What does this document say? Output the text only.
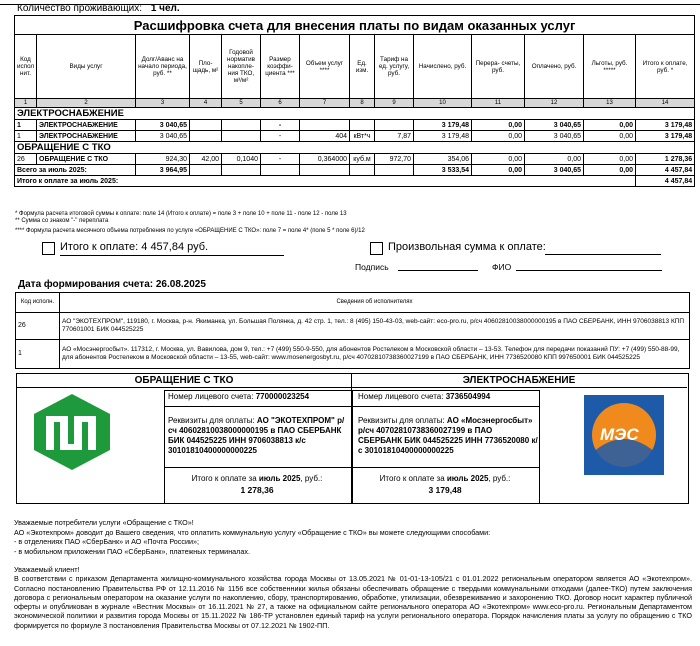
Количество проживающих: 1 чел.
Расшифровка счета для внесения платы по видам оказанных услуг													
Код испол нит.	Виды услуг	Долг/Аванс на начало периода, руб. **	Пло- щадь, м²	Годовой норматив накопле- ния ТКО, м³/м²	Размер коэффи- циента ***	Объем услуг ****	Ед. изм.	Тариф на ед. услугу, руб.	Начислено, руб.	Перера- счеты, руб.	Оплачено, руб.	Льготы, руб. *****	Итого к оплате, руб. *
1	2	3	4	5	6	7	8	9	10	11	12	13	14
ЭЛЕКТРОСНАБЖЕНИЕ													
1	ЭЛЕКТРОСНАБЖЕНИЕ	3 040,65			-				3 179,48	0,00	3 040,65	0,00	3 179,48
1	ЭЛЕКТРОСНАБЖЕНИЕ	3 040,65			-	404	кВт*ч	7,87	3 179,48	0,00	3 040,65	0,00	3 179,48
ОБРАЩЕНИЕ С ТКО													
26	ОБРАЩЕНИЕ С ТКО	924,30	42,00	0,1040	-	0,364000	куб.м	972,70	354,06	0,00	0,00	0,00	1 278,36
Всего за июль 2025:		3 964,95							3 533,54	0,00	3 040,65	0,00	4 457,84
Итого к оплате за июль 2025:													4 457,84
* Формула расчета итоговой суммы к оплате: поле 14 (Итого к оплате) = поле 3 + поле 10 + поле 11 - поле 12 - поле 13
** Сумма со знаком "-" переплата
**** Формула расчета месячного объема потребления по услуге «ОБРАЩЕНИЕ С ТКО»: поле 7 = поле 4* (поле 5 * поле 6)/12
Итого к оплате: 4 457,84 руб.	Произвольная сумма к оплате:
Подпись	ФИО
Дата формирования счета: 26.08.2025
Код исполн.	Сведения об исполнителях
26	АО "ЭКОТЕХПРОМ", 119180, г. Москва, р-н. Якиманка, ул. Большая Полянка, д. 42 стр. 1, тел.: 8 (495) 150-43-03, web-сайт: eco-pro.ru, р/сч 40602810038000000195 в ПАО СБЕРБАНК, ИНН 9706038813 КПП 770601001 БИК 044525225
1	АО «Мосэнергосбыт». 117312, г. Москва, ул. Вавилова, дом 9, тел.: +7 (499) 550-9-550, для абонентов Ростелеком в Московской области – 13-53. Телефон для передачи показаний ПУ: +7 (499) 550-88-99, для абонентов Ростелеком в Московской области – 13-55, web-сайт: www.mosenergosbyt.ru, р/сч 40702810738360027199 в ПАО СБЕРБАНК, ИНН 7736520080 КПП 997650001 БИК 044525225
ОБРАЩЕНИЕ С ТКО
Номер лицевого счета: 770000023254
Реквизиты для оплаты: АО "ЭКОТЕХПРОМ" р/сч 40602810038000000195 в ПАО СБЕРБАНК БИК 044525225 ИНН 9706038813 к/с 30101810400000000225
Итого к оплате за июль 2025, руб.:
1 278,36
ЭЛЕКТРОСНАБЖЕНИЕ
Номер лицевого счета: 3736504994
Реквизиты для оплаты: АО «Мосэнергосбыт» р/сч 40702810738360027199 в ПАО СБЕРБАНК БИК 044525225 ИНН 7736520080 к/с 30101810400000000225
Итого к оплате за июль 2025, руб.:
3 179,48
МЭС
Уважаемые потребители услуги «Обращение с ТКО»!
АО «Экотехпром» доводит до Вашего сведения, что оплатить коммунальную услугу «Обращение с ТКО» вы можете следующими способами:
- в отделениях ПАО «СберБанк» и АО «Почта России»;
- в мобильном приложении ПАО «СберБанк», платежных терминалах.
Уважаемый клиент!
В соответствии с приказом Департамента жилищно-коммунального хозяйства города Москвы от 13.05.2021 № 01-01-13-105/21 с 01.01.2022 региональным оператором является АО «Экотехпром». Согласно постановлению Правительства РФ от 12.11.2016 № 1156 все собственники жилья обязаны обеспечивать обращение с твердыми коммунальными отходами (далее-ТКО) путем заключения договора с региональным оператором на оказание услуги по накоплению, сбору, транспортированию, обработке, утилизации, обезвреживанию и захоронению ТКО. Договор носит характер публичной оферты и опубликован в журнале «Вестник Москвы» от 16.11.2021 № 27, а также на официальном сайте регионального оператора АО «Экотехпром» www.eco-pro.ru. Региональным Департаментом экономической политики и развития города Москвы от 15.11.2022 № 186-ТР установлен единый тариф на услуги регионального оператора. Порядок начисления платы за услугу по обращению с ТКО формируется по формуле 3 постановления Правительства Москвы от 07.12.2021 № 1902-ПП.
